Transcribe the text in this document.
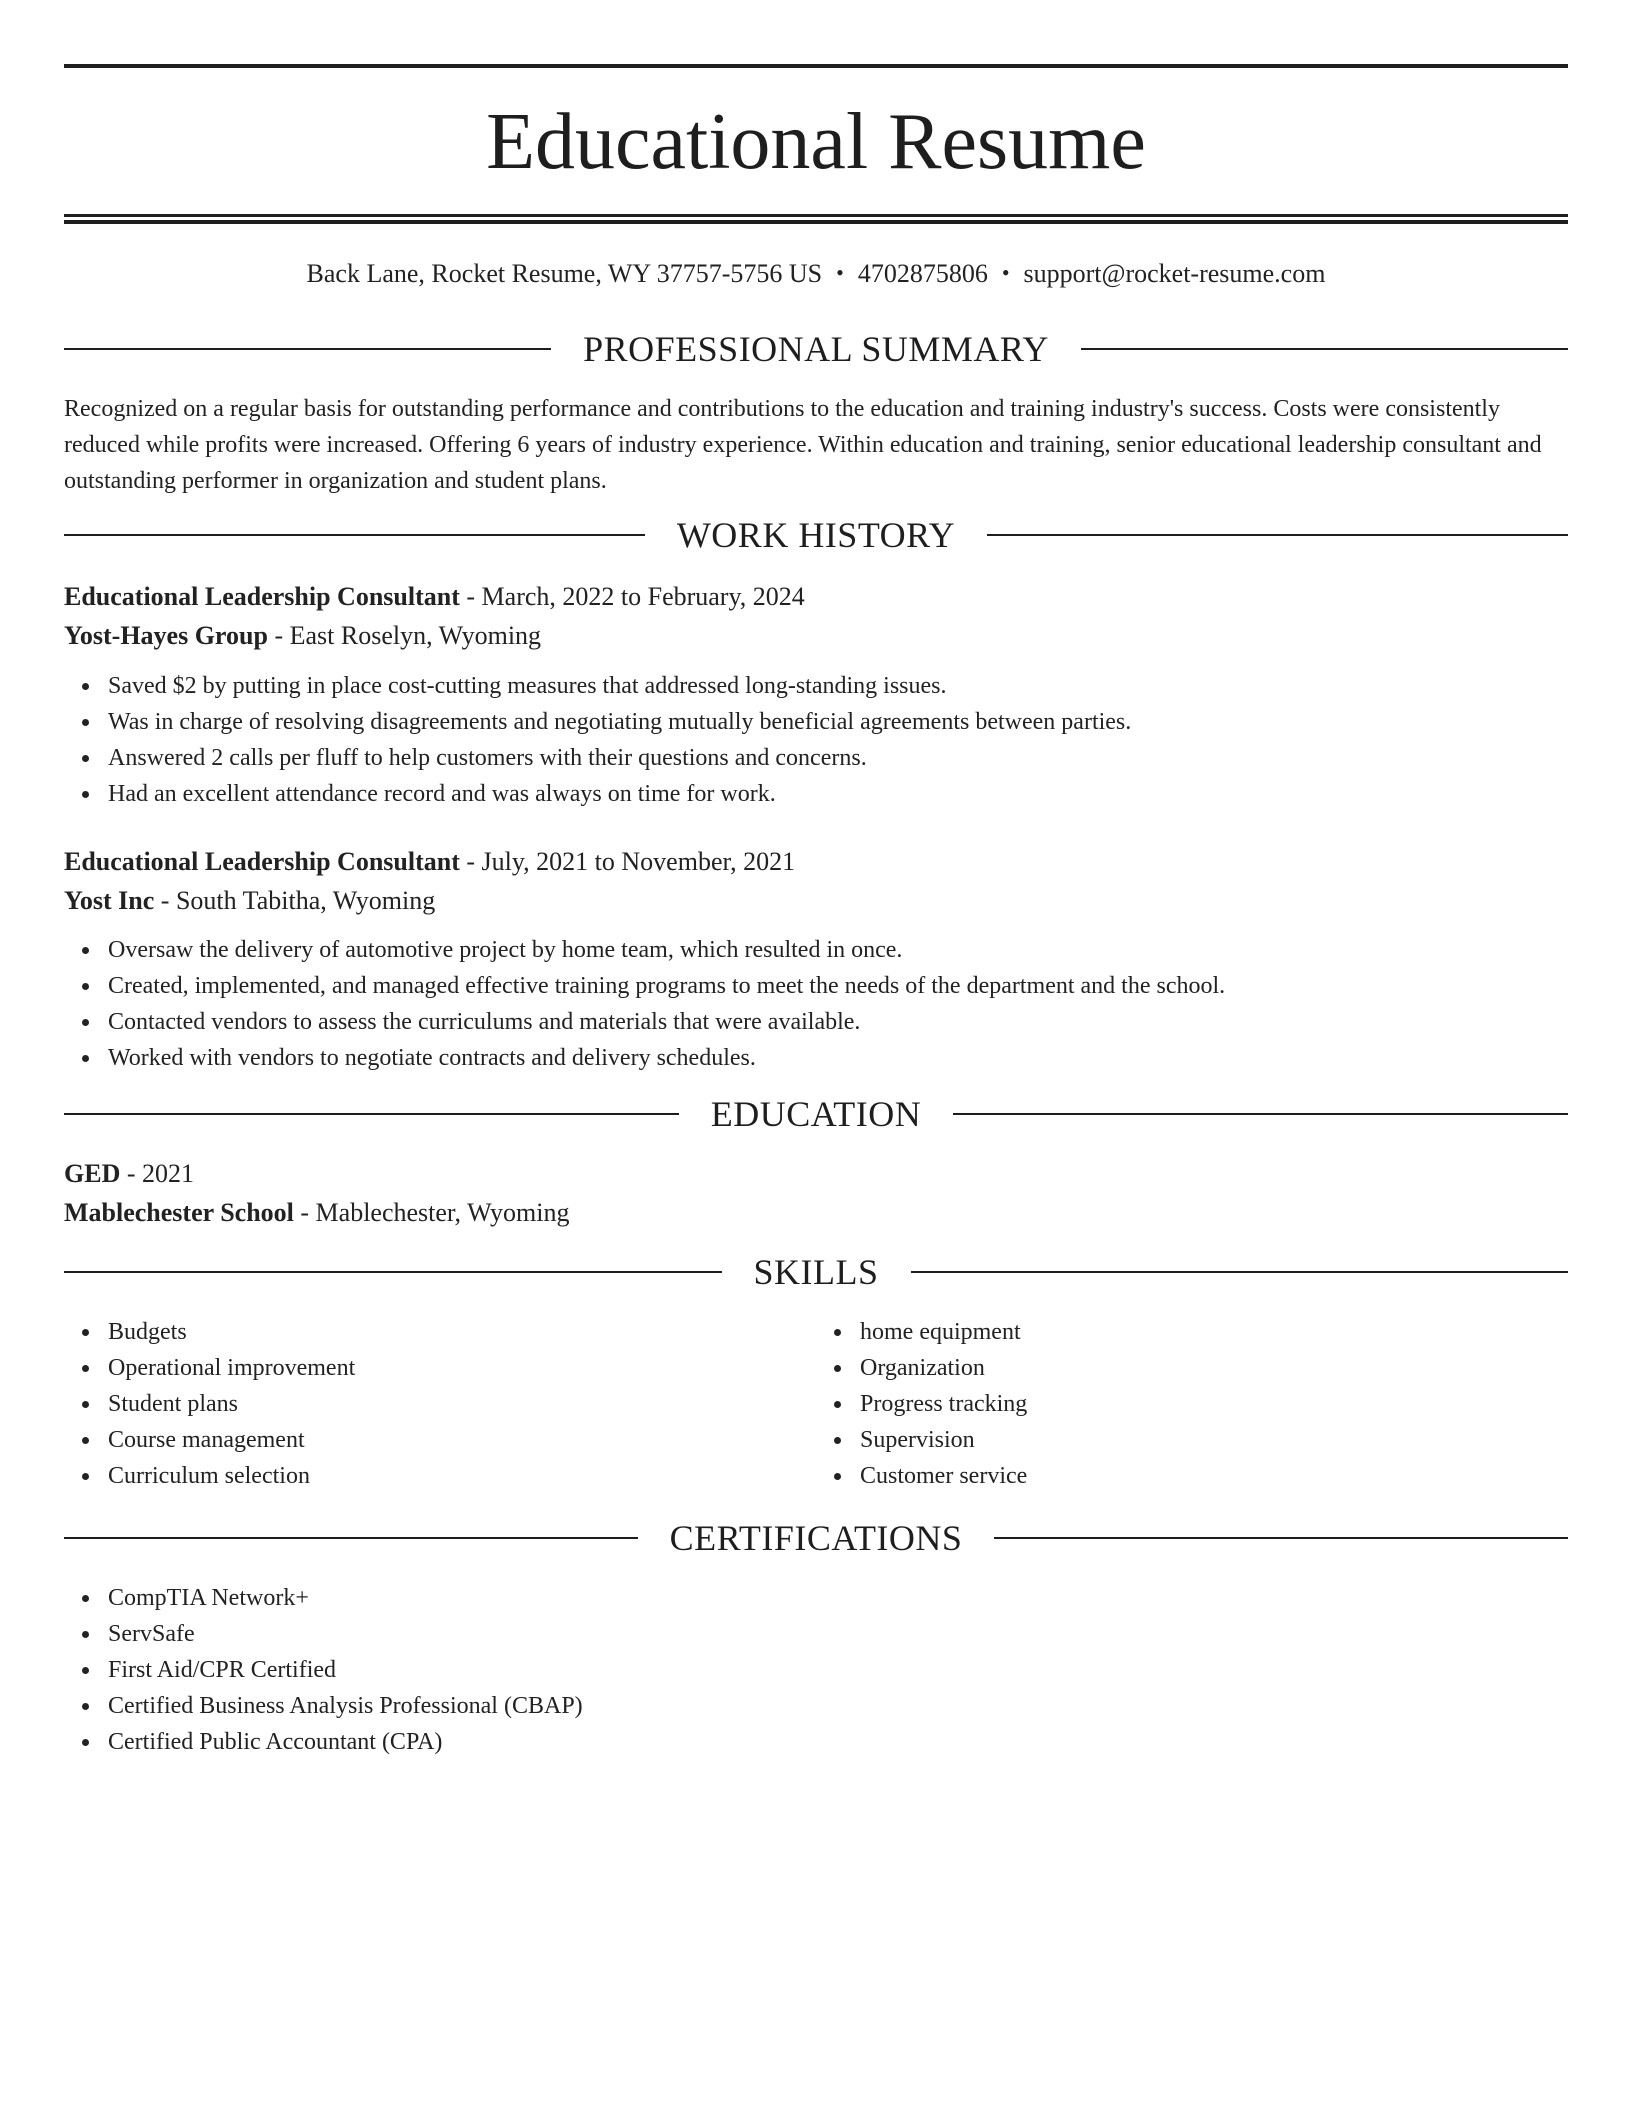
Educational Resume
Back Lane, Rocket Resume, WY 37757-5756 US • 4702875806 • support@rocket-resume.com
PROFESSIONAL SUMMARY

Recognized on a regular basis for outstanding performance and contributions to the education and training industry's success. Costs were consistently reduced while profits were increased. Offering 6 years of industry experience. Within education and training, senior educational leadership consultant and outstanding performer in organization and student plans.

WORK HISTORY

Educational Leadership Consultant - March, 2022 to February, 2024

Yost-Hayes Group - East Roselyn, Wyoming

Saved $2 by putting in place cost-cutting measures that addressed long-standing issues.
Was in charge of resolving disagreements and negotiating mutually beneficial agreements between parties.
Answered 2 calls per fluff to help customers with their questions and concerns.
Had an excellent attendance record and was always on time for work.

Educational Leadership Consultant - July, 2021 to November, 2021

Yost Inc - South Tabitha, Wyoming

Oversaw the delivery of automotive project by home team, which resulted in once.
Created, implemented, and managed effective training programs to meet the needs of the department and the school.
Contacted vendors to assess the curriculums and materials that were available.
Worked with vendors to negotiate contracts and delivery schedules.
EDUCATION

GED - 2021

Mablechester School - Mablechester, Wyoming

SKILLS
Budgets
Operational improvement
Student plans
Course management
Curriculum selection
home equipment
Organization
Progress tracking
Supervision
Customer service
CERTIFICATIONS
CompTIA Network+
ServSafe
First Aid/CPR Certified
Certified Business Analysis Professional (CBAP)
Certified Public Accountant (CPA)
